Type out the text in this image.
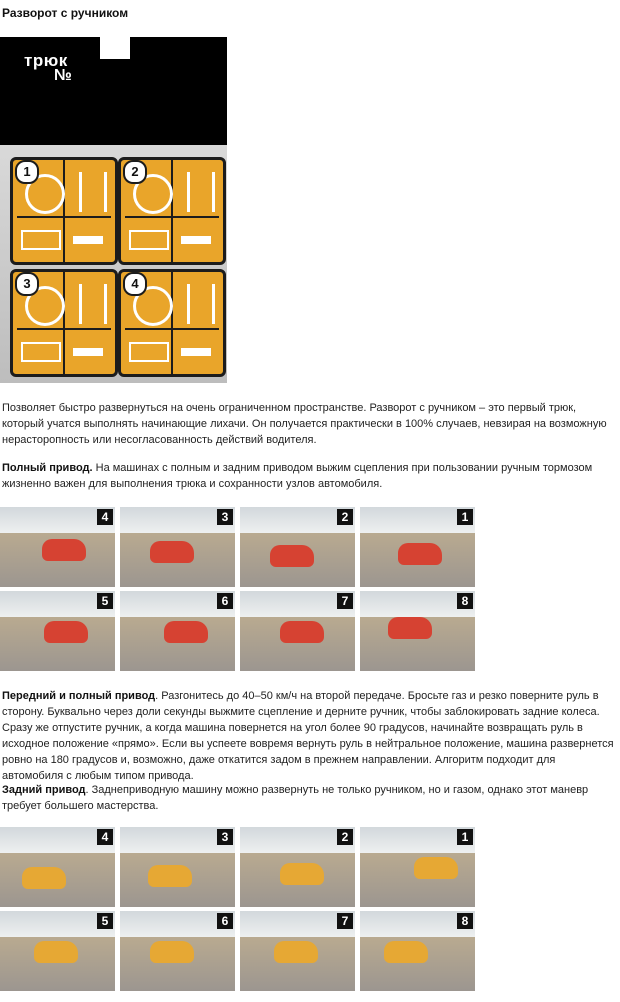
Разворот с ручником
трюк
№
1	2
3	4
Позволяет быстро развернуться на очень ограниченном пространстве. Разворот с ручником – это первый трюк, который учатся выполнять начинающие лихачи. Он получается практически в 100% случаев, невзирая на возможную нерасторопность или несогласованность действий водителя.
Полный привод. На машинах с полным и задним приводом выжим сцепления при пользовании ручным тормозом жизненно важен для выполнения трюка и сохранности узлов автомобиля.
4	3	2	1
5	6	7	8
Передний и полный привод. Разгонитесь до 40–50 км/ч на второй передаче. Бросьте газ и резко поверните руль в сторону. Буквально через доли секунды выжмите сцепление и дерните ручник, чтобы заблокировать задние колеса. Сразу же отпустите ручник, а когда машина повернется на угол более 90 градусов, начинайте возвращать руль в исходное положение «прямо». Если вы успеете вовремя вернуть руль в нейтральное положение, машина развернется ровно на 180 градусов и, возможно, даже откатится задом в прежнем направлении. Алгоритм подходит для автомобиля с любым типом привода.
Задний привод. Заднеприводную машину можно развернуть не только ручником, но и газом, однако этот маневр требует большего мастерства.
4	3	2	1
5	6	7	8
